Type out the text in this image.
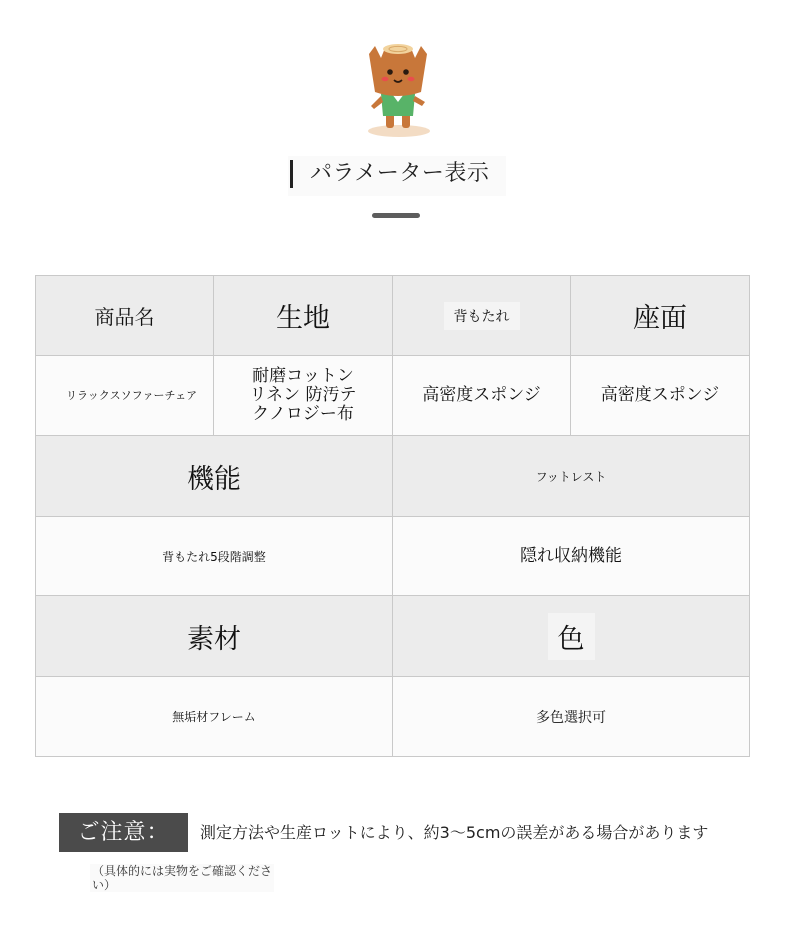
パラメーター表示
商品名	生地	背もたれ	座面
リラックスソファーチェア	耐磨コットンリネン 防汚テクノロジー布	高密度スポンジ	高密度スポンジ
機能		フットレスト	
背もたれ5段階調整		隠れ収納機能	
素材		色	
無垢材フレーム		多色選択可	
ご注意：	測定方法や生産ロットにより、約3〜5cmの誤差がある場合があります
（具体的には実物をご確認ください）
